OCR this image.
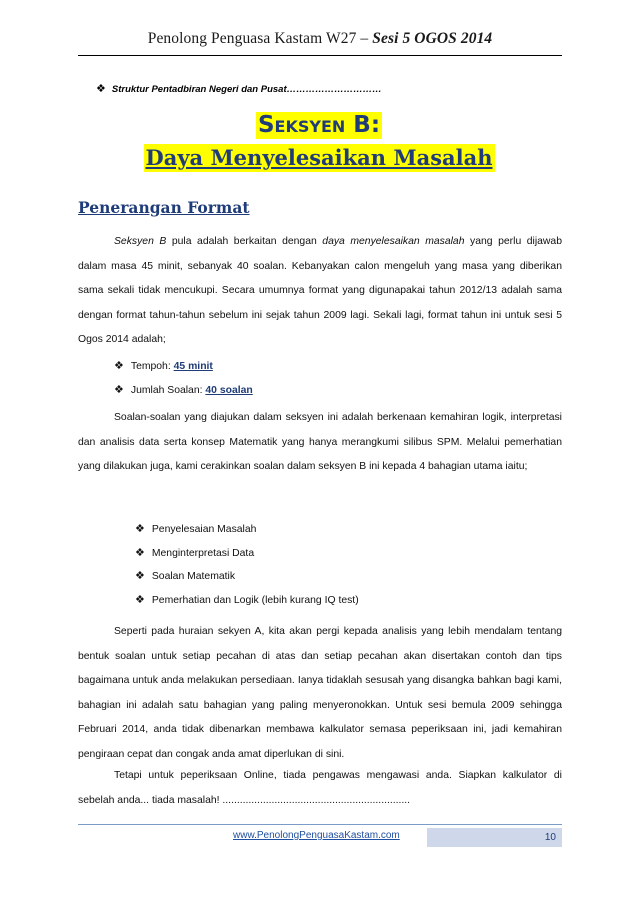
Penolong Penguasa Kastam W27 – Sesi 5 OGOS 2014
❖ Struktur Pentadbiran Negeri dan Pusat…………………………
Seksyen B:
Daya Menyelesaikan Masalah
Penerangan Format
Seksyen B pula adalah berkaitan dengan daya menyelesaikan masalah yang perlu dijawab dalam masa 45 minit, sebanyak 40 soalan. Kebanyakan calon mengeluh yang masa yang diberikan sama sekali tidak mencukupi. Secara umumnya format yang digunapakai tahun 2012/13 adalah sama dengan format tahun-tahun sebelum ini sejak tahun 2009 lagi. Sekali lagi, format tahun ini untuk sesi 5 Ogos 2014 adalah;
❖ Tempoh: 45 minit
❖ Jumlah Soalan: 40 soalan
Soalan-soalan yang diajukan dalam seksyen ini adalah berkenaan kemahiran logik, interpretasi dan analisis data serta konsep Matematik yang hanya merangkumi silibus SPM. Melalui pemerhatian yang dilakukan juga, kami cerakinkan soalan dalam seksyen B ini kepada 4 bahagian utama iaitu;
❖ Penyelesaian Masalah
❖ Menginterpretasi Data
❖ Soalan Matematik
❖ Pemerhatian dan Logik (lebih kurang IQ test)
Seperti pada huraian sekyen A, kita akan pergi kepada analisis yang lebih mendalam tentang bentuk soalan untuk setiap pecahan di atas dan setiap pecahan akan disertakan contoh dan tips bagaimana untuk anda melakukan persediaan. Ianya tidaklah sesusah yang disangka bahkan bagi kami, bahagian ini adalah satu bahagian yang paling menyeronokkan. Untuk sesi bemula 2009 sehingga Februari 2014, anda tidak dibenarkan membawa kalkulator semasa peperiksaan ini, jadi kemahiran pengiraan cepat dan congak anda amat diperlukan di sini.
Tetapi untuk peperiksaan Online, tiada pengawas mengawasi anda. Siapkan kalkulator di sebelah anda... tiada masalah! .................................................................
www.PenolongPenguasaKastam.com	10
